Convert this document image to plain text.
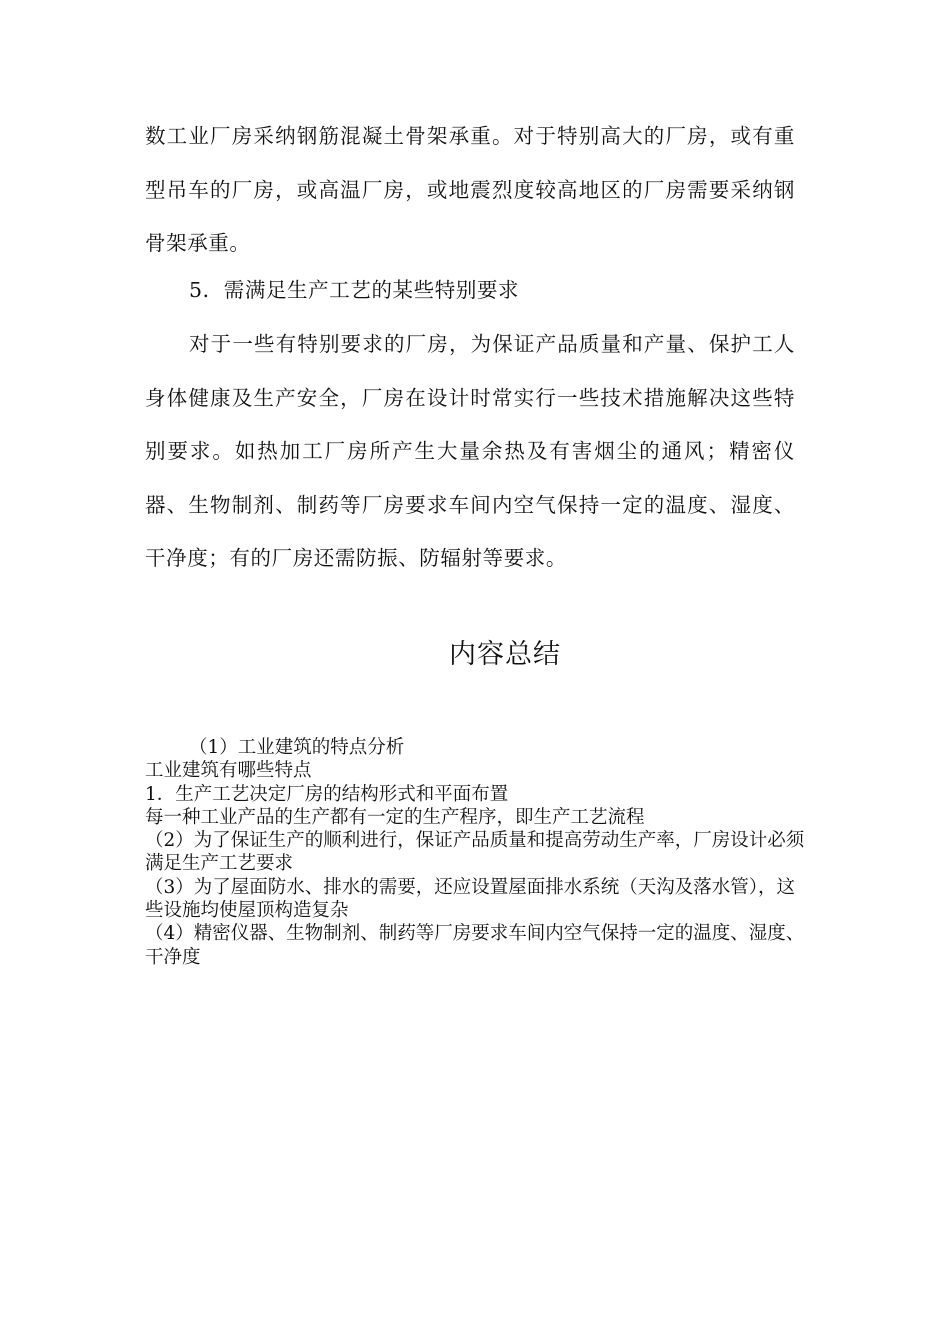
数工业厂房采纳钢筋混凝土骨架承重。对于特别高大的厂房，或有重型吊车的厂房，或高温厂房，或地震烈度较高地区的厂房需要采纳钢骨架承重。

5．需满足生产工艺的某些特别要求

对于一些有特别要求的厂房，为保证产品质量和产量、保护工人身体健康及生产安全，厂房在设计时常实行一些技术措施解决这些特别要求。如热加工厂房所产生大量余热及有害烟尘的通风；精密仪器、生物制剂、制药等厂房要求车间内空气保持一定的温度、湿度、干净度；有的厂房还需防振、防辐射等要求。

内容总结
（1）工业建筑的特点分析
工业建筑有哪些特点
1．生产工艺决定厂房的结构形式和平面布置
每一种工业产品的生产都有一定的生产程序，即生产工艺流程
（2）为了保证生产的顺利进行，保证产品质量和提高劳动生产率，厂房设计必须满足生产工艺要求
（3）为了屋面防水、排水的需要，还应设置屋面排水系统（天沟及落水管），这些设施均使屋顶构造复杂
（4）精密仪器、生物制剂、制药等厂房要求车间内空气保持一定的温度、湿度、干净度
